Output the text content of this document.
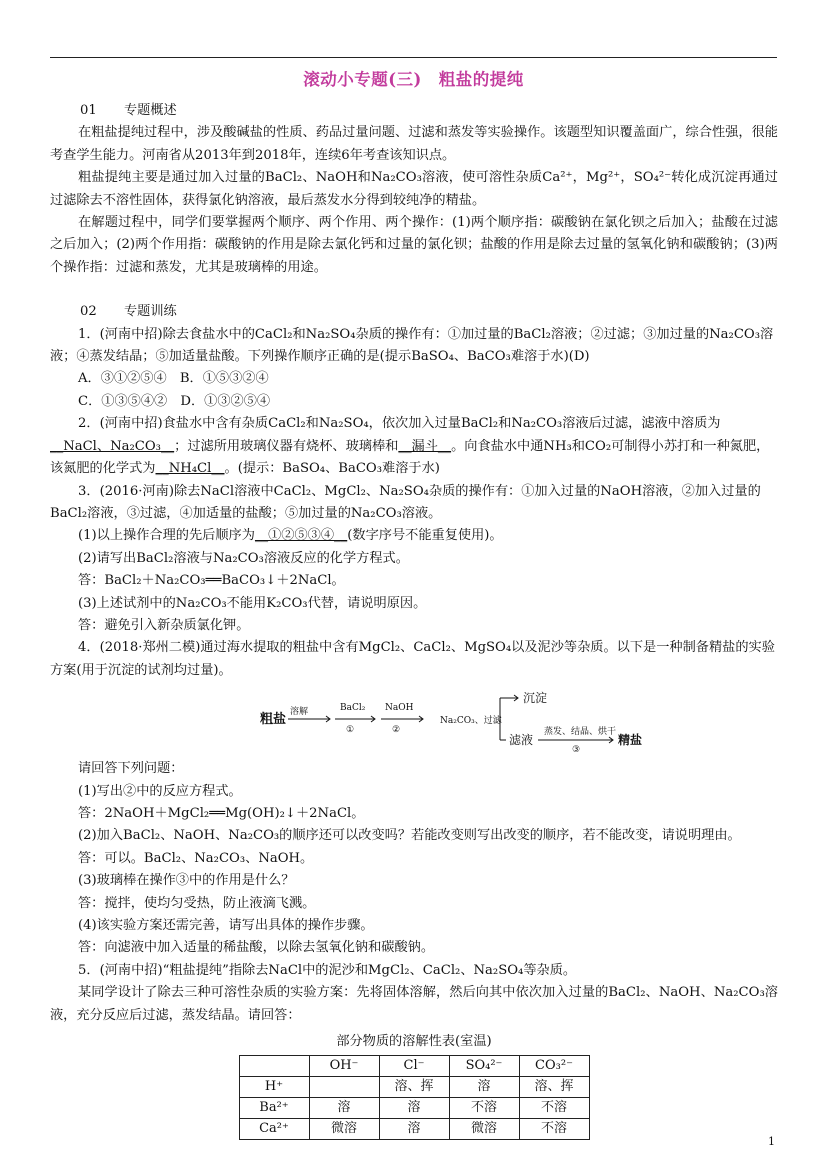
滚动小专题(三)　粗盐的提纯
01 专题概述

在粗盐提纯过程中，涉及酸碱盐的性质、药品过量问题、过滤和蒸发等实验操作。该题型知识覆盖面广，综合性强，很能考查学生能力。河南省从2013年到2018年，连续6年考查该知识点。

粗盐提纯主要是通过加入过量的BaCl₂、NaOH和Na₂CO₃溶液，使可溶性杂质Ca²⁺，Mg²⁺，SO₄²⁻转化成沉淀再通过过滤除去不溶性固体，获得氯化钠溶液，最后蒸发水分得到较纯净的精盐。

在解题过程中，同学们要掌握两个顺序、两个作用、两个操作：(1)两个顺序指：碳酸钠在氯化钡之后加入；盐酸在过滤之后加入；(2)两个作用指：碳酸钠的作用是除去氯化钙和过量的氯化钡；盐酸的作用是除去过量的氢氧化钠和碳酸钠；(3)两个操作指：过滤和蒸发，尤其是玻璃棒的用途。

02 专题训练

1．(河南中招)除去食盐水中的CaCl₂和Na₂SO₄杂质的操作有：①加过量的BaCl₂溶液；②过滤；③加过量的Na₂CO₃溶液；④蒸发结晶；⑤加适量盐酸。下列操作顺序正确的是(提示BaSO₄、BaCO₃难溶于水)(D)

A．③①②⑤④　B．①⑤③②④

C．①③⑤④②　D．①③②⑤④

2．(河南中招)食盐水中含有杂质CaCl₂和Na₂SO₄，依次加入过量BaCl₂和Na₂CO₃溶液后过滤，滤液中溶质为__NaCl、Na₂CO₃__；过滤所用玻璃仪器有烧杯、玻璃棒和__漏斗__。向食盐水中通NH₃和CO₂可制得小苏打和一种氮肥，该氮肥的化学式为__NH₄Cl__。(提示：BaSO₄、BaCO₃难溶于水)

3．(2016·河南)除去NaCl溶液中CaCl₂、MgCl₂、Na₂SO₄杂质的操作有：①加入过量的NaOH溶液，②加入过量的BaCl₂溶液，③过滤，④加适量的盐酸；⑤加过量的Na₂CO₃溶液。

(1)以上操作合理的先后顺序为__①②⑤③④__(数字序号不能重复使用)。

(2)请写出BaCl₂溶液与Na₂CO₃溶液反应的化学方程式。

答：BaCl₂＋Na₂CO₃══BaCO₃↓＋2NaCl。

(3)上述试剂中的Na₂CO₃不能用K₂CO₃代替，请说明原因。

答：避免引入新杂质氯化钾。

4．(2018·郑州二模)通过海水提取的粗盐中含有MgCl₂、CaCl₂、MgSO₄以及泥沙等杂质。以下是一种制备精盐的实验方案(用于沉淀的试剂均过量)。

粗盐 溶解	BaCl₂
①
NaOH
②
Na₂CO₃、过滤
沉淀
滤液
蒸发、结晶、烘干
③
精盐

请回答下列问题：

(1)写出②中的反应方程式。

答：2NaOH＋MgCl₂══Mg(OH)₂↓＋2NaCl。

(2)加入BaCl₂、NaOH、Na₂CO₃的顺序还可以改变吗？若能改变则写出改变的顺序，若不能改变，请说明理由。

答：可以。BaCl₂、Na₂CO₃、NaOH。

(3)玻璃棒在操作③中的作用是什么？

答：搅拌，使均匀受热，防止液滴飞溅。

(4)该实验方案还需完善，请写出具体的操作步骤。

答：向滤液中加入适量的稀盐酸，以除去氢氧化钠和碳酸钠。

5．(河南中招)“粗盐提纯”指除去NaCl中的泥沙和MgCl₂、CaCl₂、Na₂SO₄等杂质。

某同学设计了除去三种可溶性杂质的实验方案：先将固体溶解，然后向其中依次加入过量的BaCl₂、NaOH、Na₂CO₃溶液，充分反应后过滤，蒸发结晶。请回答：

部分物质的溶解性表(室温)
	OH⁻	Cl⁻	SO₄²⁻	CO₃²⁻
H⁺		溶、挥	溶	溶、挥
Ba²⁺	溶	溶	不溶	不溶
Ca²⁺	微溶	溶	微溶	不溶
1
